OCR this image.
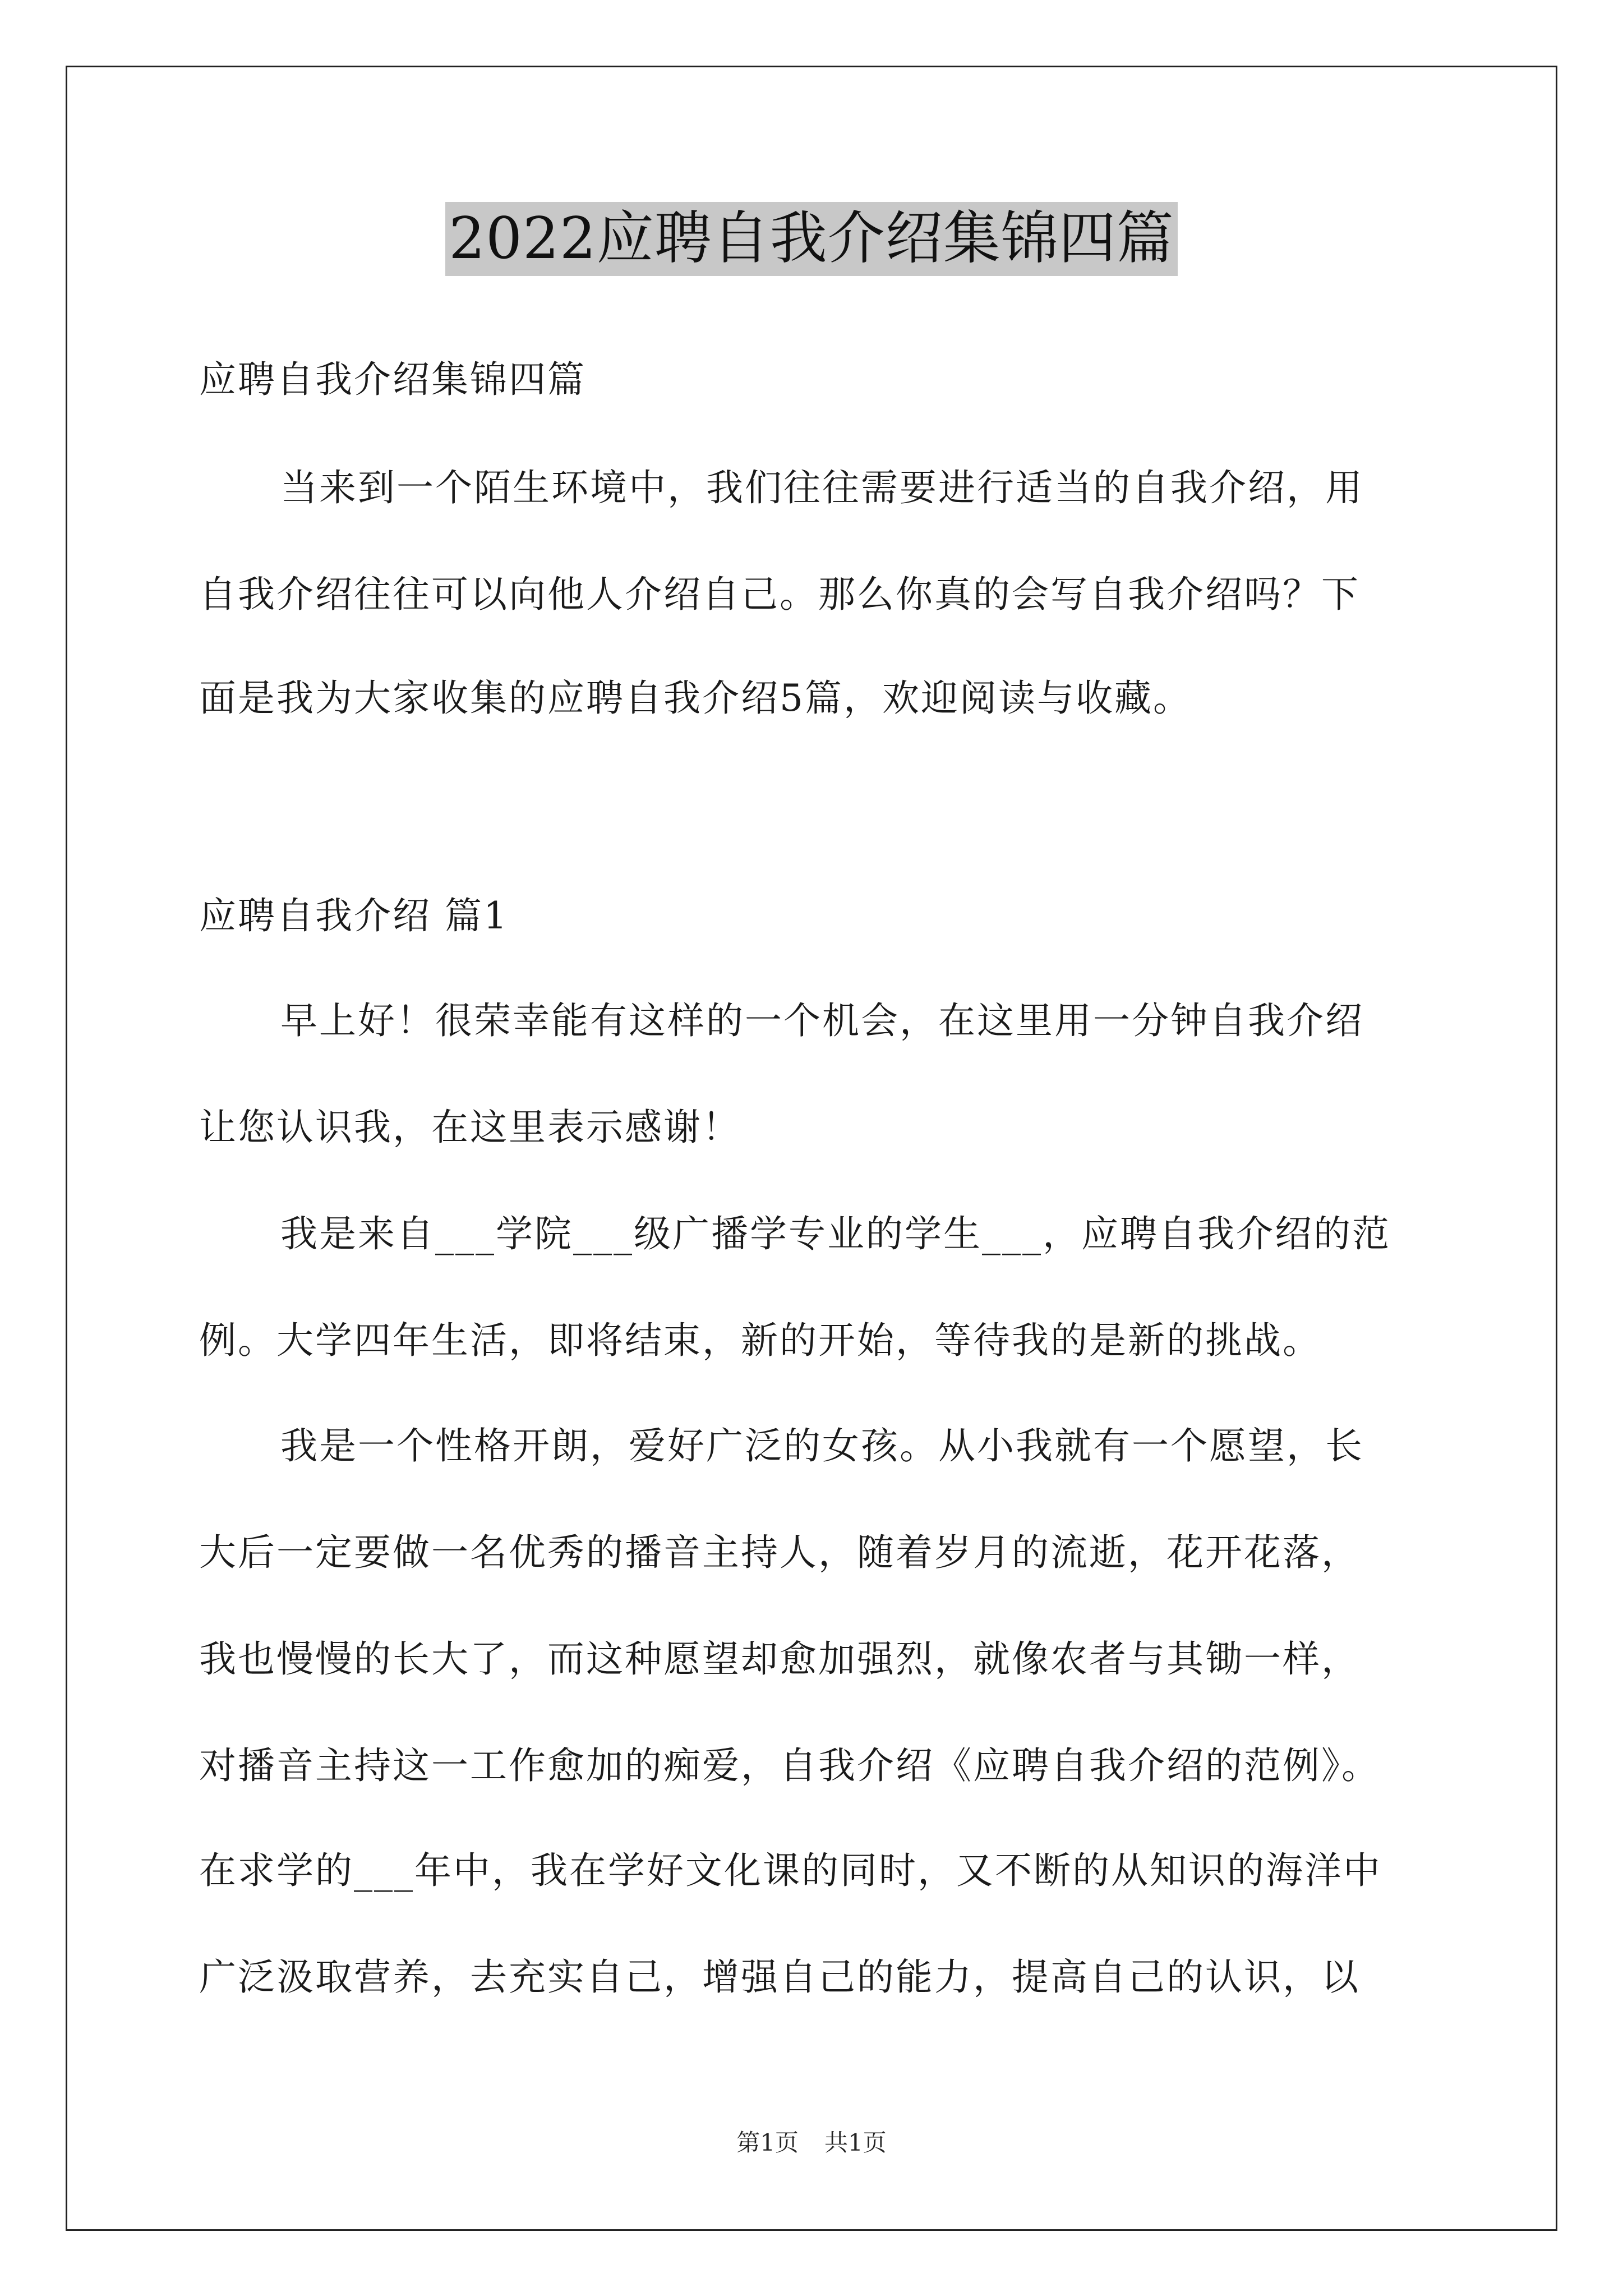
2022应聘自我介绍集锦四篇
应聘自我介绍集锦四篇
当来到一个陌生环境中，我们往往需要进行适当的自我介绍，用
自我介绍往往可以向他人介绍自己。那么你真的会写自我介绍吗？下
面是我为大家收集的应聘自我介绍5篇，欢迎阅读与收藏。
应聘自我介绍 篇1
早上好！很荣幸能有这样的一个机会，在这里用一分钟自我介绍
让您认识我，在这里表示感谢！
我是来自___学院___级广播学专业的学生___，应聘自我介绍的范
例。大学四年生活，即将结束，新的开始，等待我的是新的挑战。
我是一个性格开朗，爱好广泛的女孩。从小我就有一个愿望，长
大后一定要做一名优秀的播音主持人，随着岁月的流逝，花开花落，
我也慢慢的长大了，而这种愿望却愈加强烈，就像农者与其锄一样，
对播音主持这一工作愈加的痴爱，自我介绍《应聘自我介绍的范例》。
在求学的___年中，我在学好文化课的同时，又不断的从知识的海洋中
广泛汲取营养，去充实自己，增强自己的能力，提高自己的认识，以
第1页 共1页
